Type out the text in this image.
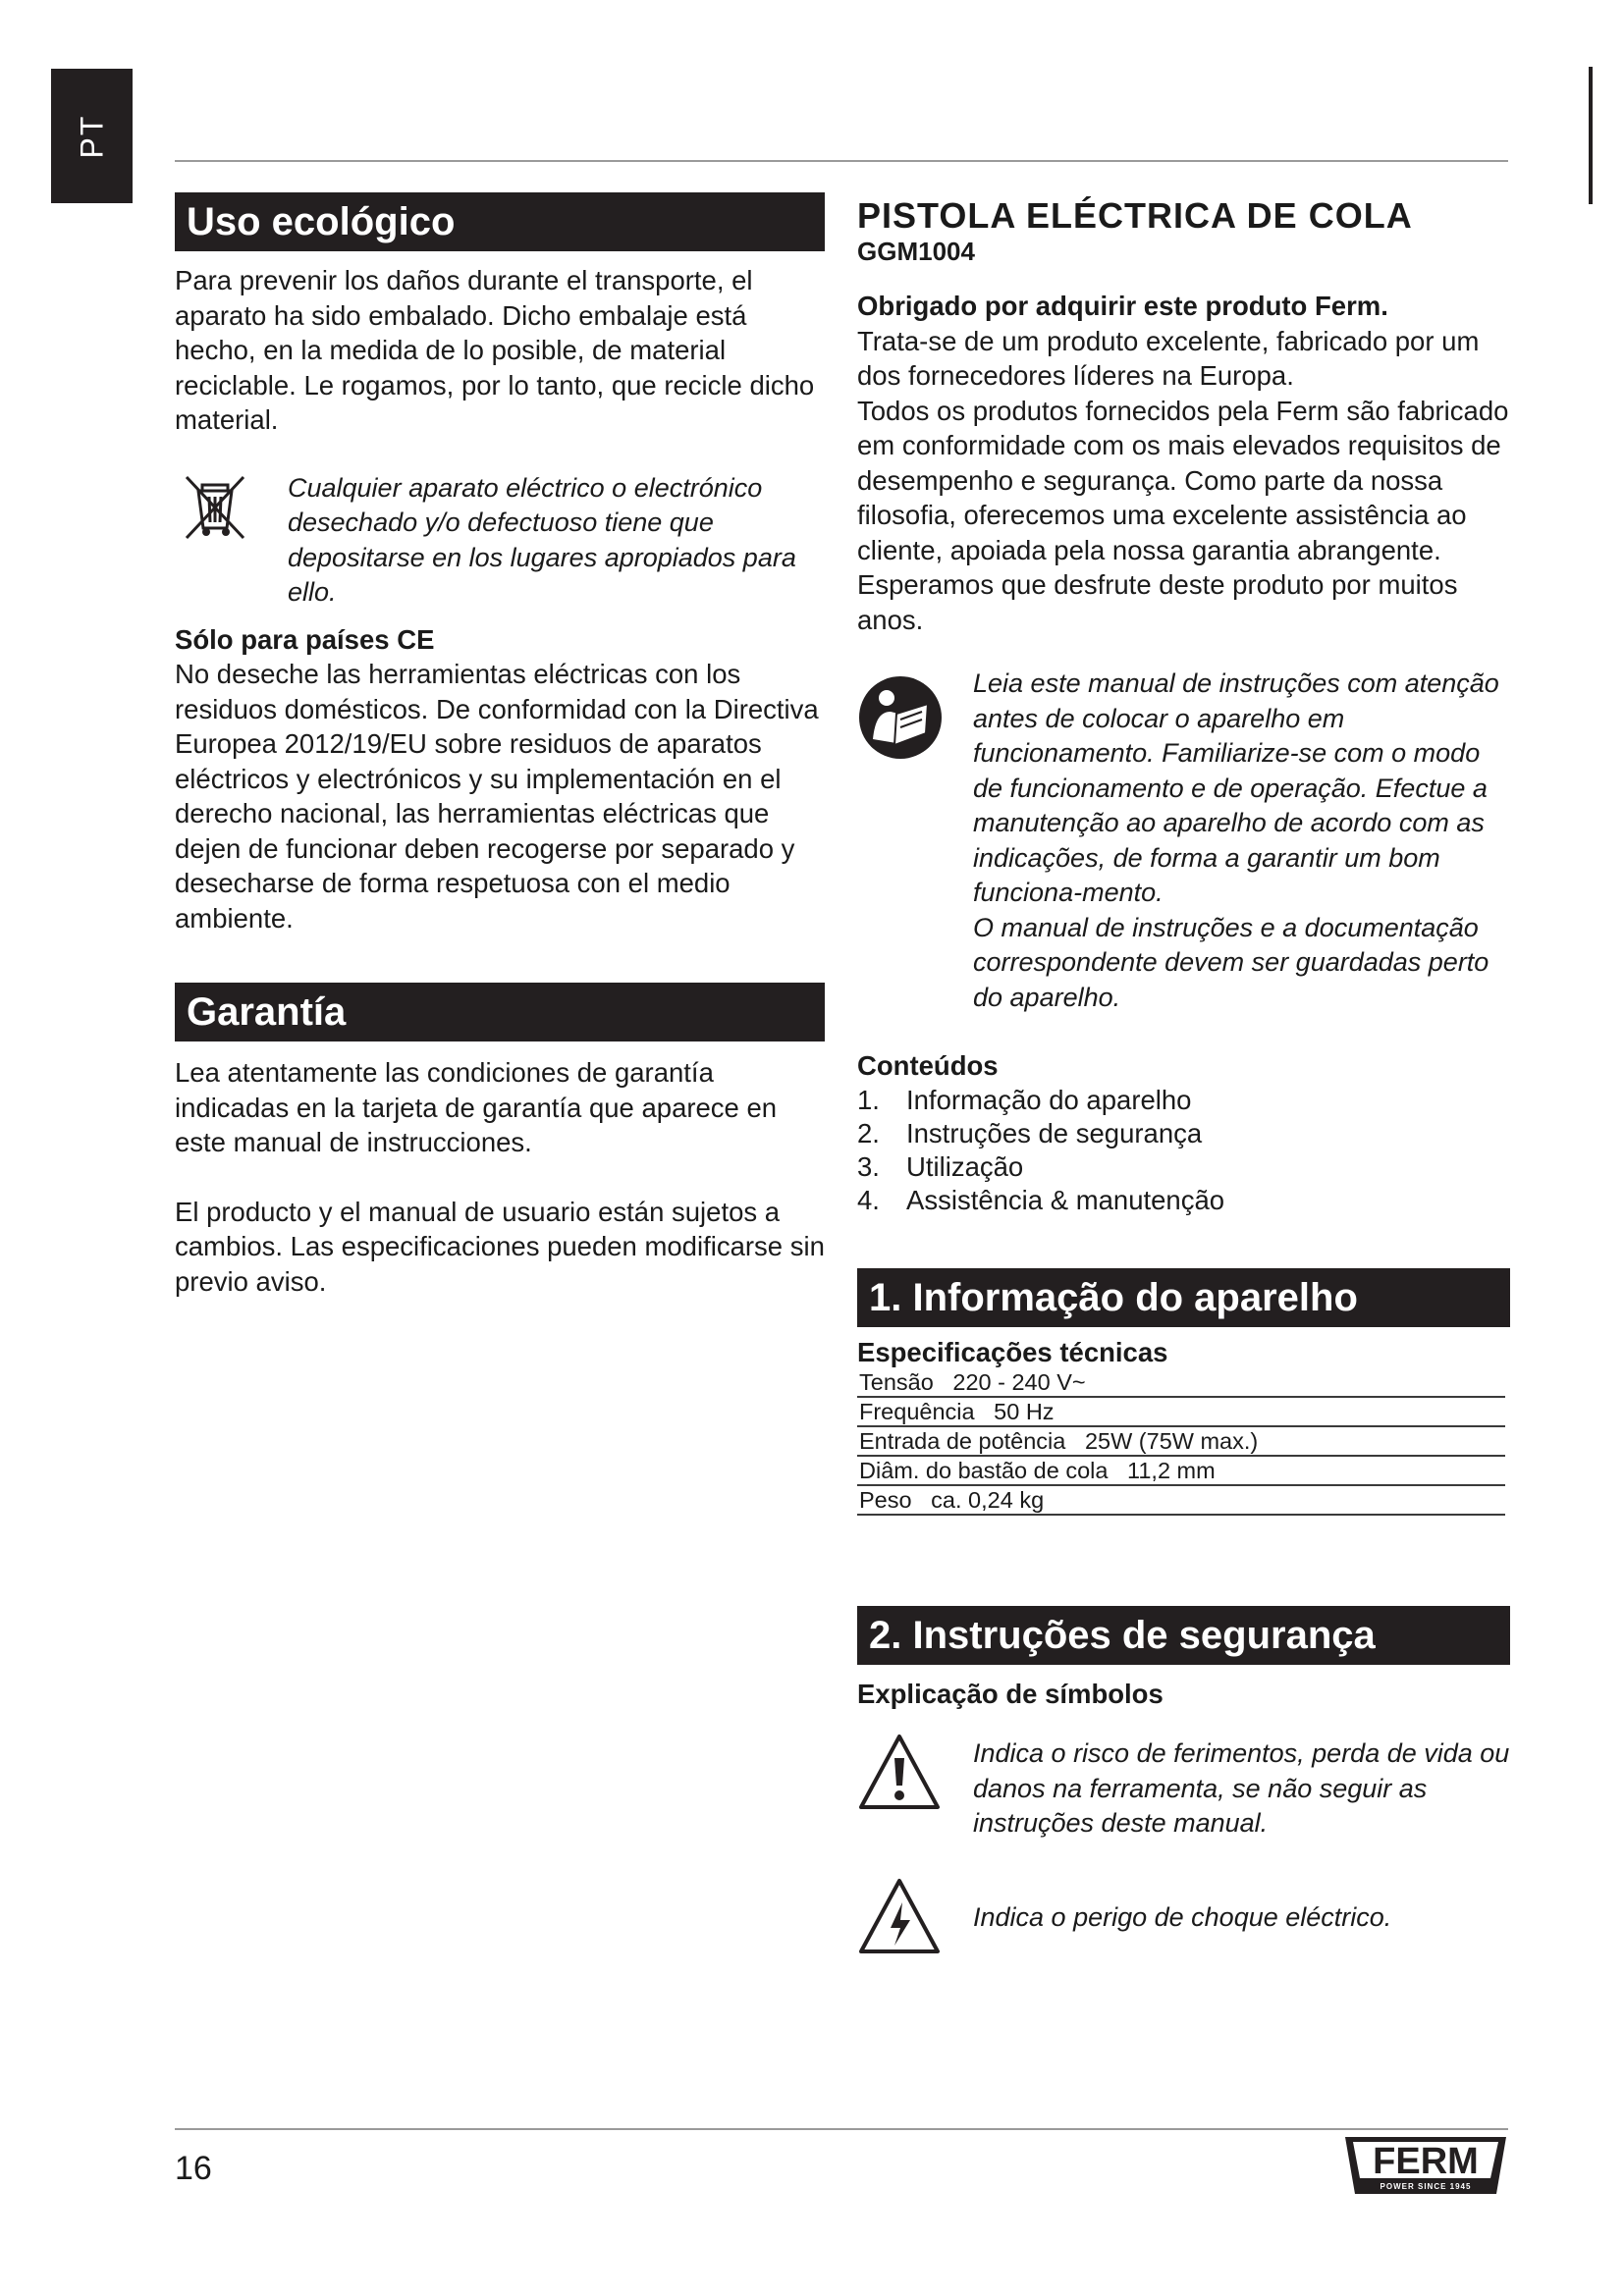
PT
Uso ecológico

Para prevenir los daños durante el transporte, el aparato ha sido embalado. Dicho embalaje está hecho, en la medida de lo posible, de material reciclable. Le rogamos, por lo tanto, que recicle dicho material.

Cualquier aparato eléctrico o electrónico desechado y/o defectuoso tiene que depositarse en los lugares apropiados para ello.

Sólo para países CE

No deseche las herramientas eléctricas con los residuos domésticos. De conformidad con la Directiva Europea 2012/19/EU sobre residuos de aparatos eléctricos y electrónicos y su implementación en el derecho nacional, las herramientas eléctricas que dejen de funcionar deben recogerse por separado y desecharse de forma respetuosa con el medio ambiente.

Garantía

Lea atentamente las condiciones de garantía indicadas en la tarjeta de garantía que aparece en este manual de instrucciones.

El producto y el manual de usuario están sujetos a cambios. Las especificaciones pueden modificarse sin previo aviso.

PISTOLA ELÉCTRICA DE COLA
GGM1004

Obrigado por adquirir este produto Ferm.

Trata-se de um produto excelente, fabricado por um dos fornecedores líderes na Europa.

Todos os produtos fornecidos pela Ferm são fabricado em conformidade com os mais elevados requisitos de desempenho e segurança. Como parte da nossa filosofia, oferecemos uma excelente assistência ao cliente, apoiada pela nossa garantia abrangente. Esperamos que desfrute deste produto por muitos anos.

Leia este manual de instruções com atenção antes de colocar o aparelho em funcionamento. Familiarize-se com o modo de funcionamento e de operação. Efectue a manutenção ao aparelho de acordo com as indicações, de forma a garantir um bom funciona-mento.

O manual de instruções e a documentação correspondente devem ser guardadas perto do aparelho.

Conteúdos

1. Informação do aparelho
2. Instruções de segurança
3. Utilização
4. Assistência & manutenção
1. Informação do aparelho

Especificações técnicas

Tensão 220 - 240 V~
Frequência 50 Hz
Entrada de potência 25W (75W max.)
Diâm. do bastão de cola 11,2 mm
Peso ca. 0,24 kg
2. Instruções de segurança

Explicação de símbolos

Indica o risco de ferimentos, perda de vida ou danos na ferramenta, se não seguir as instruções deste manual.
Indica o perigo de choque eléctrico.
16	FERM
POWER SINCE 1945
